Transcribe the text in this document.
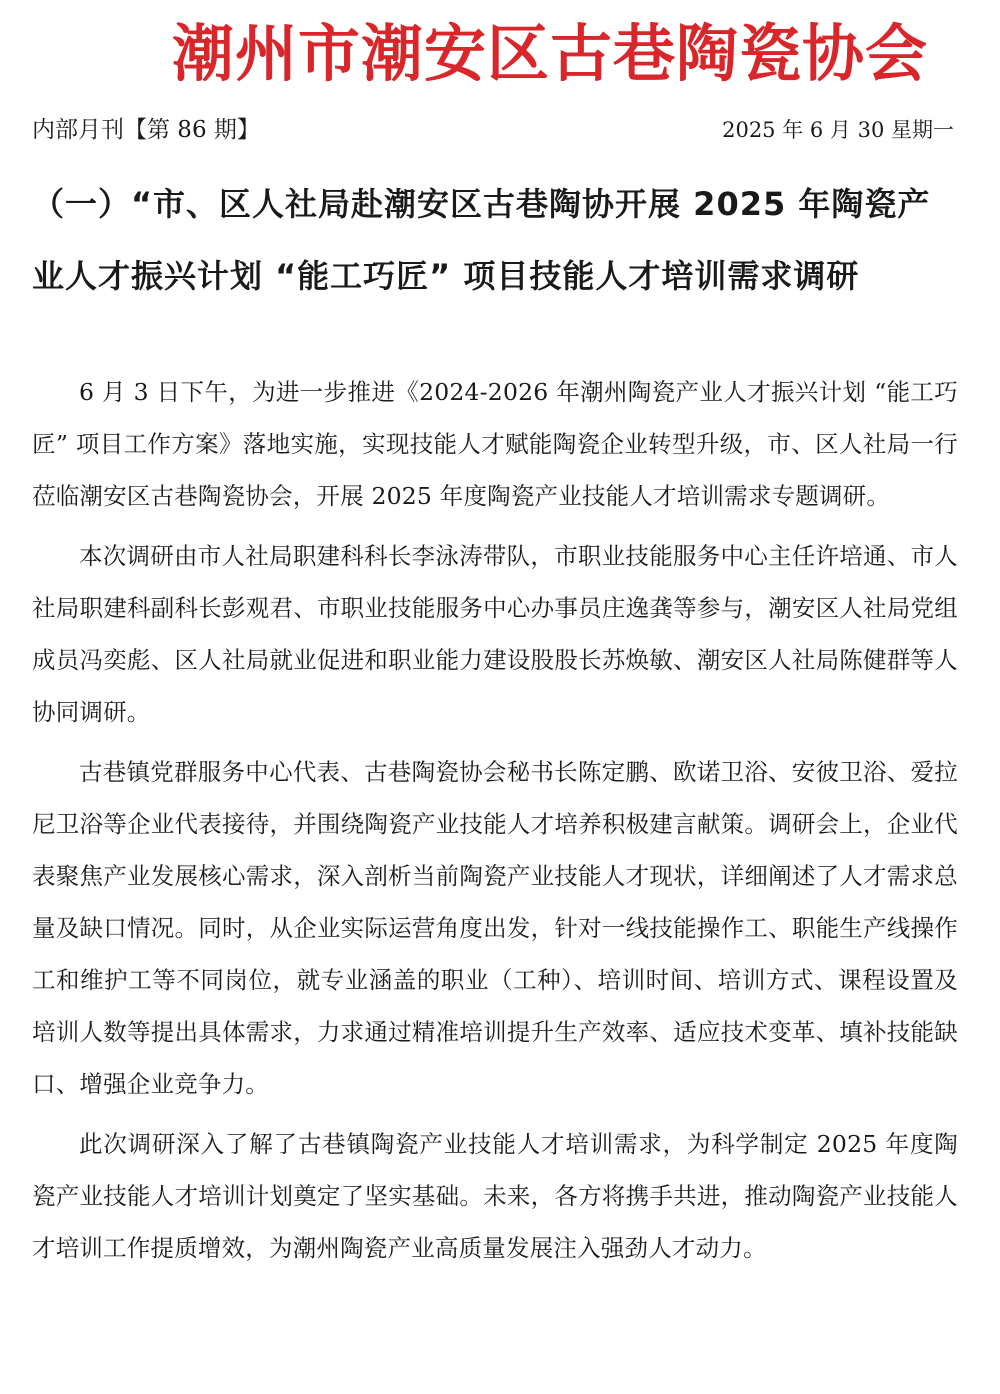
潮州市潮安区古巷陶瓷协会
内部月刊【第 86 期】	2025 年 6 月 30 星期一
（一）“市、区人社局赴潮安区古巷陶协开展 2025 年陶瓷产业人才振兴计划 “能工巧匠” 项目技能人才培训需求调研

6 月 3 日下午，为进一步推进《2024-2026 年潮州陶瓷产业人才振兴计划 “能工巧匠” 项目工作方案》落地实施，实现技能人才赋能陶瓷企业转型升级，市、区人社局一行莅临潮安区古巷陶瓷协会，开展 2025 年度陶瓷产业技能人才培训需求专题调研。

本次调研由市人社局职建科科长李泳涛带队，市职业技能服务中心主任许培通、市人社局职建科副科长彭观君、市职业技能服务中心办事员庄逸龚等参与，潮安区人社局党组成员冯奕彪、区人社局就业促进和职业能力建设股股长苏焕敏、潮安区人社局陈健群等人协同调研。

古巷镇党群服务中心代表、古巷陶瓷协会秘书长陈定鹏、欧诺卫浴、安彼卫浴、爱拉尼卫浴等企业代表接待，并围绕陶瓷产业技能人才培养积极建言献策。调研会上，企业代表聚焦产业发展核心需求，深入剖析当前陶瓷产业技能人才现状，详细阐述了人才需求总量及缺口情况。同时，从企业实际运营角度出发，针对一线技能操作工、职能生产线操作工和维护工等不同岗位，就专业涵盖的职业（工种）、培训时间、培训方式、课程设置及培训人数等提出具体需求，力求通过精准培训提升生产效率、适应技术变革、填补技能缺口、增强企业竞争力。

此次调研深入了解了古巷镇陶瓷产业技能人才培训需求，为科学制定 2025 年度陶瓷产业技能人才培训计划奠定了坚实基础。未来，各方将携手共进，推动陶瓷产业技能人才培训工作提质增效，为潮州陶瓷产业高质量发展注入强劲人才动力。
